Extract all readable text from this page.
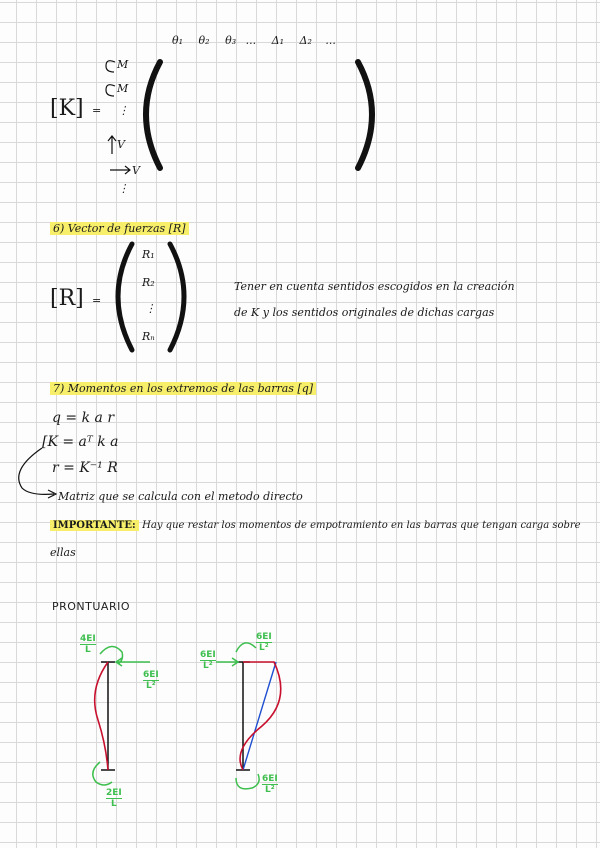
θ₁ θ₂ θ₃ ... Δ₁ Δ₂ ...
[K] =
M
M
⋮
V
V
⋮
6) Vector de fuerzas [R]
[R] =
R₁
R₂
⋮
Rₙ
Tener en cuenta sentidos escogidos en la creación
de K y los sentidos originales de dichas cargas
7) Momentos en los extremos de las barras [q]
q = k a r
[K = aᵀ k a
r = K⁻¹ R
Matriz que se calcula con el metodo directo
IMPORTANTE: Hay que restar los momentos de empotramiento en las barras que tengan carga sobre
ellas
PRONTUARIO
$\frac{4EI}{L}$
$\frac{6EI}{\text{L²}}$
$\frac{2EI}{L}$
$\frac{6EI}{\text{L²}}$
$\frac{6EI}{\text{L²}}$
$\frac{6EI}{\text{L²}}$
